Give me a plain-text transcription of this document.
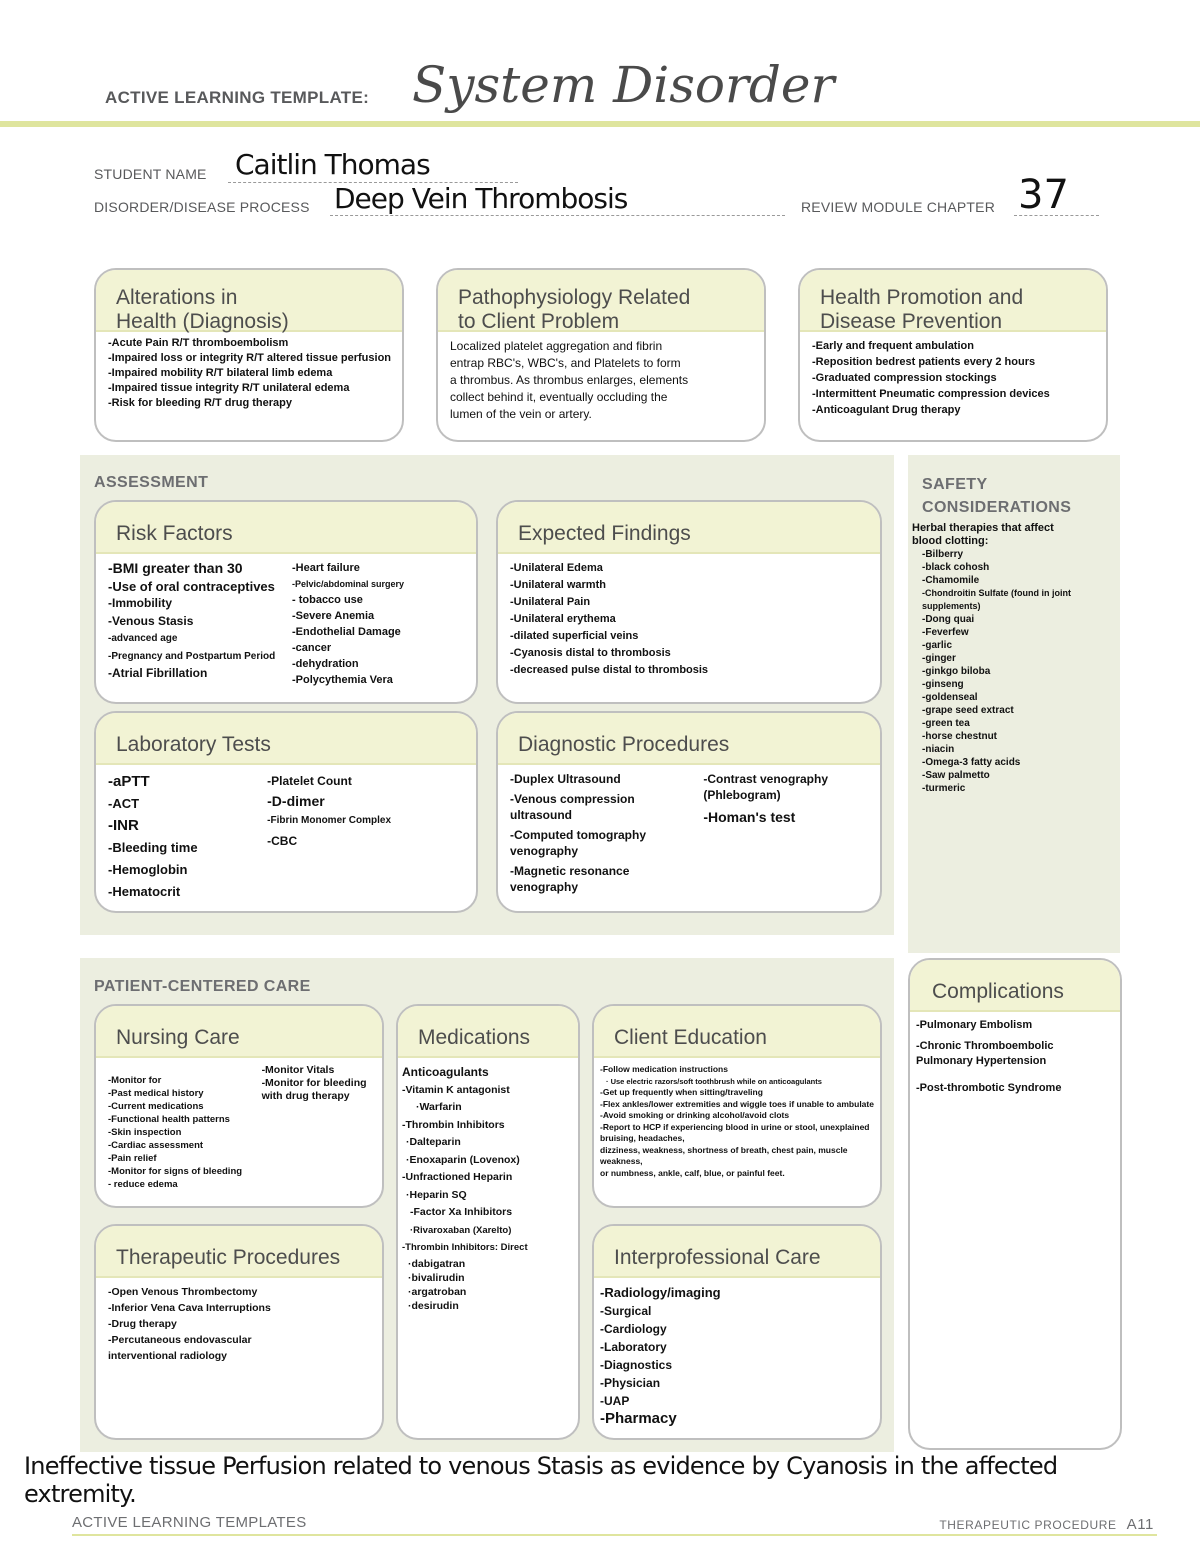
ACTIVE LEARNING TEMPLATE: System Disorder
STUDENT NAME Caitlin Thomas
DISORDER/DISEASE PROCESS Deep Vein Thrombosis	REVIEW MODULE CHAPTER 37
Alterations in
Health (Diagnosis)
-Acute Pain R/T thromboembolism
-Impaired loss or integrity R/T altered tissue perfusion
-Impaired mobility R/T bilateral limb edema
-Impaired tissue integrity R/T unilateral edema
-Risk for bleeding R/T drug therapy
Pathophysiology Related
to Client Problem
Localized platelet aggregation and fibrin
entrap RBC's, WBC's, and Platelets to form
a thrombus. As thrombus enlarges, elements
collect behind it, eventually occluding the
lumen of the vein or artery.
Health Promotion and
Disease Prevention
-Early and frequent ambulation
-Reposition bedrest patients every 2 hours
-Graduated compression stockings
-Intermittent Pneumatic compression devices
-Anticoagulant Drug therapy
ASSESSMENT	SAFETY
CONSIDERATIONS
Herbal therapies that affect
blood clotting:
-Bilberry
-black cohosh
-Chamomile
-Chondroitin Sulfate (found in joint supplements)
-Dong quai
-Feverfew
-garlic
-ginger
-ginkgo biloba
-ginseng
-goldenseal
-grape seed extract
-green tea
-horse chestnut
-niacin
-Omega-3 fatty acids
-Saw palmetto
-turmeric
Risk Factors
-BMI greater than 30
-Use of oral contraceptives
-Immobility
-Venous Stasis
-advanced age
-Pregnancy and Postpartum Period
-Atrial Fibrillation
-Heart failure
-Pelvic/abdominal surgery
- tobacco use
-Severe Anemia
-Endothelial Damage
-cancer
-dehydration
-Polycythemia Vera
Expected Findings
-Unilateral Edema
-Unilateral warmth
-Unilateral Pain
-Unilateral erythema
-dilated superficial veins
-Cyanosis distal to thrombosis
-decreased pulse distal to thrombosis
Laboratory Tests
-aPTT
-ACT
-INR
-Bleeding time
-Hemoglobin
-Hematocrit
-Platelet Count
-D-dimer
-Fibrin Monomer Complex
-CBC
Diagnostic Procedures
-Duplex Ultrasound
-Venous compression ultrasound
-Computed tomography venography
-Magnetic resonance venography
-Contrast venography (Phlebogram)
-Homan's test
PATIENT-CENTERED CARE	Complications
-Pulmonary Embolism
-Chronic Thromboembolic Pulmonary Hypertension
-Post-thrombotic Syndrome
Nursing Care
-Monitor for
-Past medical history
-Current medications
-Functional health patterns
-Skin inspection
-Cardiac assessment
-Pain relief
-Monitor for signs of bleeding
- reduce edema
-Monitor Vitals
-Monitor for bleeding with drug therapy
Medications
Anticoagulants
-Vitamin K antagonist
·Warfarin
-Thrombin Inhibitors
·Dalteparin
·Enoxaparin (Lovenox)
-Unfractioned Heparin
·Heparin SQ
-Factor Xa Inhibitors
·Rivaroxaban (Xarelto)
-Thrombin Inhibitors: Direct
·dabigatran
·bivalirudin
·argatroban
·desirudin
Client Education
-Follow medication instructions
· Use electric razors/soft toothbrush while on anticoagulants
-Get up frequently when sitting/traveling
-Flex ankles/lower extremities and wiggle toes if unable to ambulate
-Avoid smoking or drinking alcohol/avoid clots
-Report to HCP if experiencing blood in urine or stool, unexplained bruising, headaches,
dizziness, weakness, shortness of breath, chest pain, muscle weakness,
or numbness, ankle, calf, blue, or painful feet.
Therapeutic Procedures
-Open Venous Thrombectomy
-Inferior Vena Cava Interruptions
-Drug therapy
-Percutaneous endovascular
interventional radiology
Interprofessional Care
-Radiology/imaging
-Surgical
-Cardiology
-Laboratory
-Diagnostics
-Physician
-UAP
-Pharmacy
Ineffective tissue Perfusion related to venous Stasis as evidence by Cyanosis in the affected
extremity.
ACTIVE LEARNING TEMPLATES	THERAPEUTIC PROCEDURE A11
